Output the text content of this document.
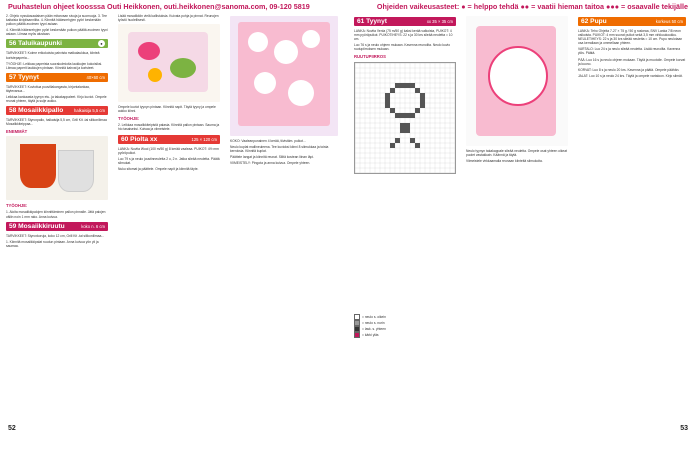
Puuhastelun ohjeet koosssa Outi Heikkonen, outi.heikkonen@sanoma.com, 09-120 5819	Ohjeiden vaikeusasteet: ● = helppo tehdä ●● = vaatii hieman taitoa ●●● = osaavalle tekijälle
2. Ohjelo nyssäosaalaisen pään mitarvaan sivuja ja suomuoja. 3. Tee kaltaisia kivipiisanniilta. 4. Kiinnitä hääesrehyjen pyöri keskenään puikon päältä avoimen tyyni asiaan.
4. Kiinnitä hääesrehyjen pyöri keskenään puikon päältä avoimen tyyni asiaan. Liimaa myös alustaan.
56 Taluikaupunki	●
TARVIKKEET: Kolme erikokoista pahvista matkalaukkua, kiinteä koristepaperia...
TYÖOHJE: Leikkaa paperista suorakulmioita laukkujen kokoisiksi. Liimaa paperit laukkujen pintaan. Kiinnitä kahvat ja koristeet.
57 Tyynyt	40×60 cm
TARVIKKEET: Kuvioitua puuvillakangasta, kirjontalankaa, täytevanua...
Leikkaa kankaasta tyynyn etu- ja takakappaleet. Kirjo kuviot. Ompele reunat yhteen, täytä ja sulje aukko.
58 Mosaiikkipallo	halkaisija 5,5 cm
TARVIKKEET: Styroxpallo, halkaisija 5,5 cm, Grill Kit -tai silikonilimaa Mosaiikkiteippaa...
ENEMMÄT
TYÖOHJE:
1. Aloita mosaiikkipalojen kiinnittäminen pallon pinnalle. Jätä palojen väliin noin 1 mm rako. Anna kuivua.
59 Mosaiikkiruutu	koko n. 6 cm
TARVIKKEET: Styroxkoruja, koko 12 cm, Grill Kit -tai silikonilimaa...
1. Kiinnitä mosaiikkipalat ruudun pintaan. Anna kuivua yön yli ja saumaa.
Lisää mosaiikkiin vielä kallistuksia. Kuivata pohja ja pinnat. Reunojen työstö huolellisesti.
Ompele kuviot tyynyn pintaan. Kiinnitä napit. Täytä tyyny ja ompele aukko kiinni.
TYÖOHJE:
2. Leikkaa mosaiikkiteipistä palasia. Kiinnitä pallon pintaan. Sauma ja hio tasaiseksi. Kuivaa ja viimeistele.
60 Piolta xx	125 × 120 cm
LANKA: Novita Wool (100 m/50 g) 8 kerää vaaleaa. PUIKOT: 4½ mm pyöröpuikot.
Luo 79 s ja neulo joustinneuletta 2 o, 2 n. Jatka sileää neuletta. Päätä silmukat.
Nuku sitomat ja päättele. Ompele napit ja kiinnitä täyte.
KOKO: Vaaleanpunainen 4 kerää, tiivistäm. puikot...
Neulo kuplat mallineuleena. Tee kuvioksi kiinni 8 silmukkaa ja toista kerroksia. Kiinnitä kuplat.
Päättele langat ja kiinnitä reunat. Silitä kostean liinan läpi.
VIIMEISTELY: Pingota ja anna kuivua. Ompele yhteen.
52
61 Tyynyt	xx 35 × 35 cm
LANKA: Novita Venla (75 m/50 g) kaksi kerää valkoista, PUIKOT: 4 mm pyöröpuikot. PUIKOTIHEYS: 22 s ja 30 krs sileää neuletta = 10 cm.
Luo 76 s ja neulo ohjeen mukaan. Kavenna reunoilta. Neulo kuvio ruutupiirroksen mukaan.
RUUTUPIIRROS
= neulo s. oikein
= neulo s. nurin
= lask. s. yhteen
= kärki yläs
Neulo tyynyn takakappale sileää neuletta. Ompele osat yhteen oikeat puolet vastakkain. Käännä ja täytä.
Viimeistele virkkaamalla reunaan kiinteitä silmukoita.
62 Pupu	korkeus 50 cm
LANKA: Teho Ohjeita 7-27 × 75 g / 50 g ruskeaa, SNV Lanka 7/8 neon valkoista. PUIKOT: 4 mm suorat puikot sekä 3,5 mm virkkuukoukku. NEULETIHEYS: 22 s ja 30 krs sileää neuletta = 10 cm. Pupu neulotaan osa kerrallaan ja ommellaan yhteen.
VARTALO: Luo 24 s ja neulo sileää neuletta. Lisää reunoilta. Kavenna ylös. Päätä.
PÄÄ: Luo 16 s ja neulo ohjeen mukaan. Täytä ja muotoile. Ompele korvat ja kuono.
KORVAT: Luo 8 s ja neulo 20 krs. Kavenna ja päätä. Ompele päähän.
JALAT: Luo 10 s ja neulo 24 krs. Täytä ja ompele vartaloon. Kirjo silmät.
53
